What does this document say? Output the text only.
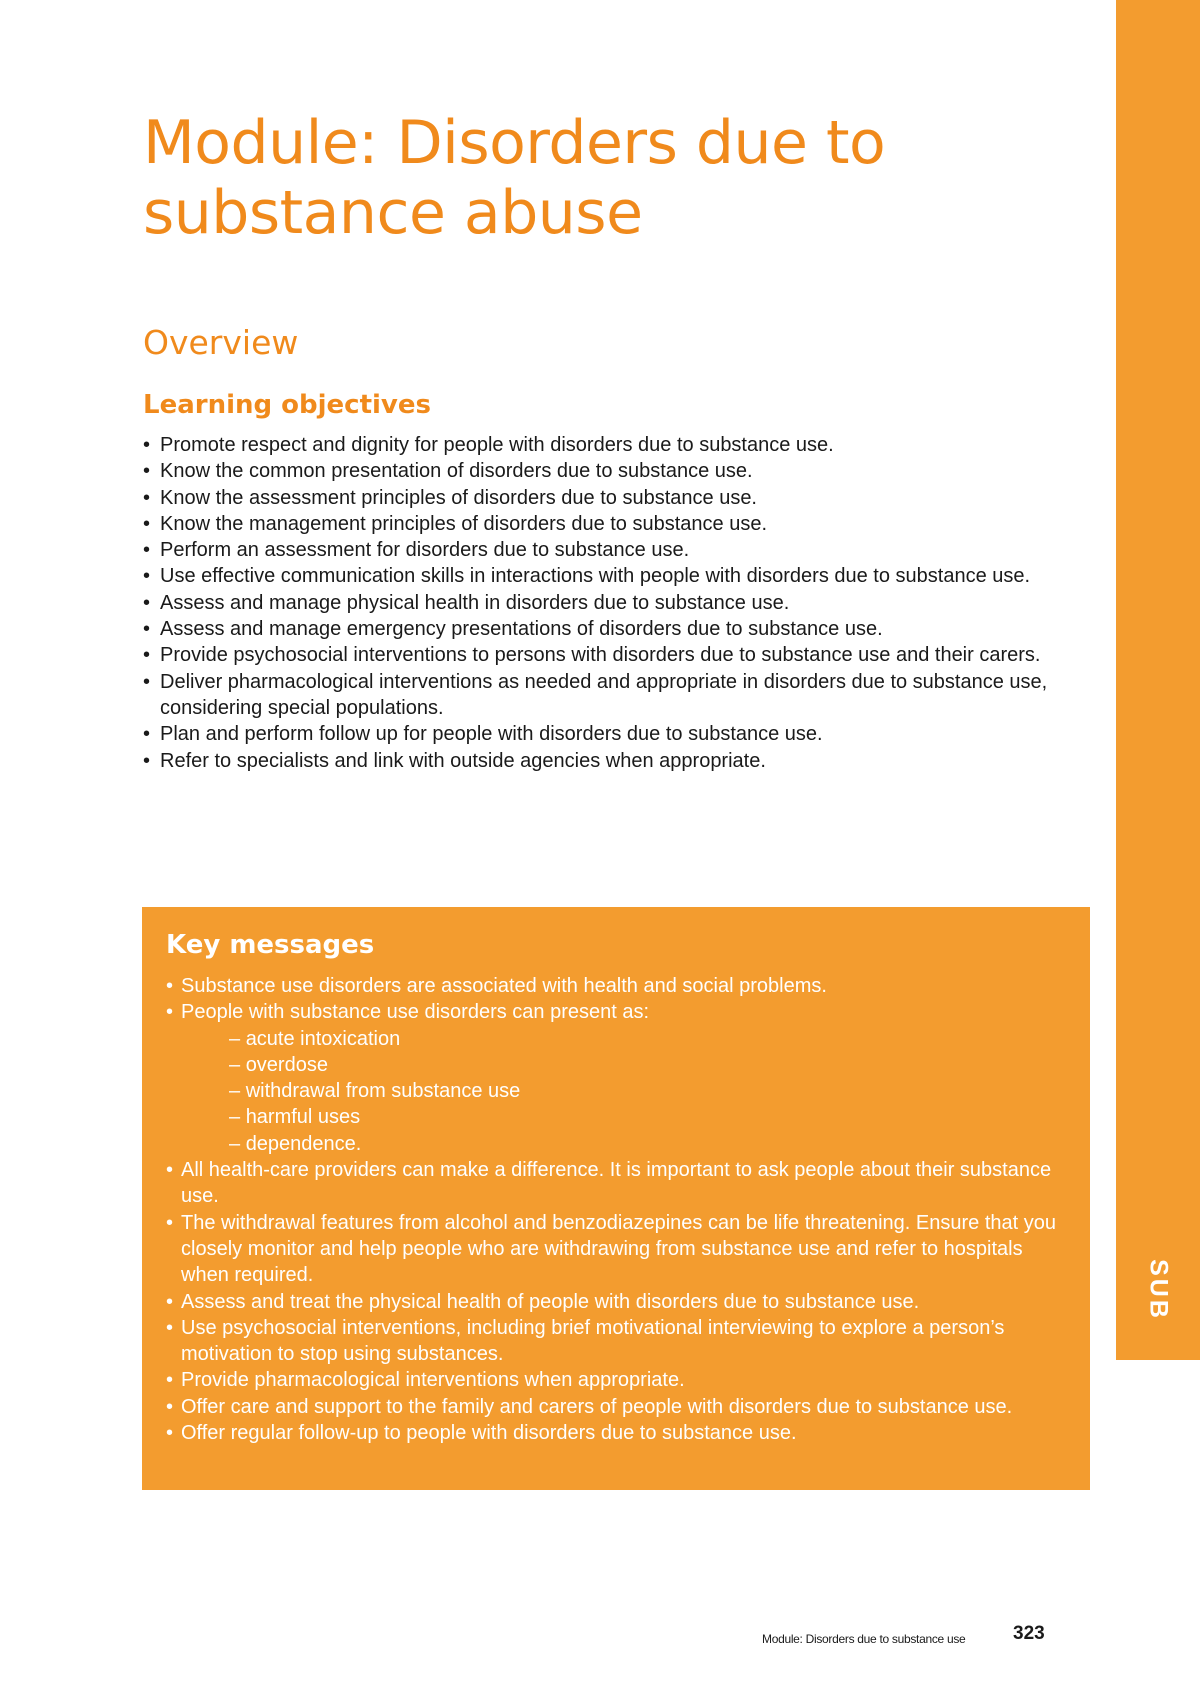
SUB
Module: Disorders due to substance abuse
Overview
Learning objectives
• Promote respect and dignity for people with disorders due to substance use.
• Know the common presentation of disorders due to substance use.
• Know the assessment principles of disorders due to substance use.
• Know the management principles of disorders due to substance use.
• Perform an assessment for disorders due to substance use.
• Use effective communication skills in interactions with people with disorders due to substance use.
• Assess and manage physical health in disorders due to substance use.
• Assess and manage emergency presentations of disorders due to substance use.
• Provide psychosocial interventions to persons with disorders due to substance use and their carers.
• Deliver pharmacological interventions as needed and appropriate in disorders due to substance use, considering special populations.
• Plan and perform follow up for people with disorders due to substance use.
• Refer to specialists and link with outside agencies when appropriate.
Key messages
• Substance use disorders are associated with health and social problems.
• People with substance use disorders can present as:
– acute intoxication
– overdose
– withdrawal from substance use
– harmful uses
– dependence.
• All health-care providers can make a difference. It is important to ask people about their substance use.
• The withdrawal features from alcohol and benzodiazepines can be life threatening. Ensure that you closely monitor and help people who are withdrawing from substance use and refer to hospitals when required.
• Assess and treat the physical health of people with disorders due to substance use.
• Use psychosocial interventions, including brief motivational interviewing to explore a person’s motivation to stop using substances.
• Provide pharmacological interventions when appropriate.
• Offer care and support to the family and carers of people with disorders due to substance use.
• Offer regular follow-up to people with disorders due to substance use.
Module: Disorders due to substance use	323
